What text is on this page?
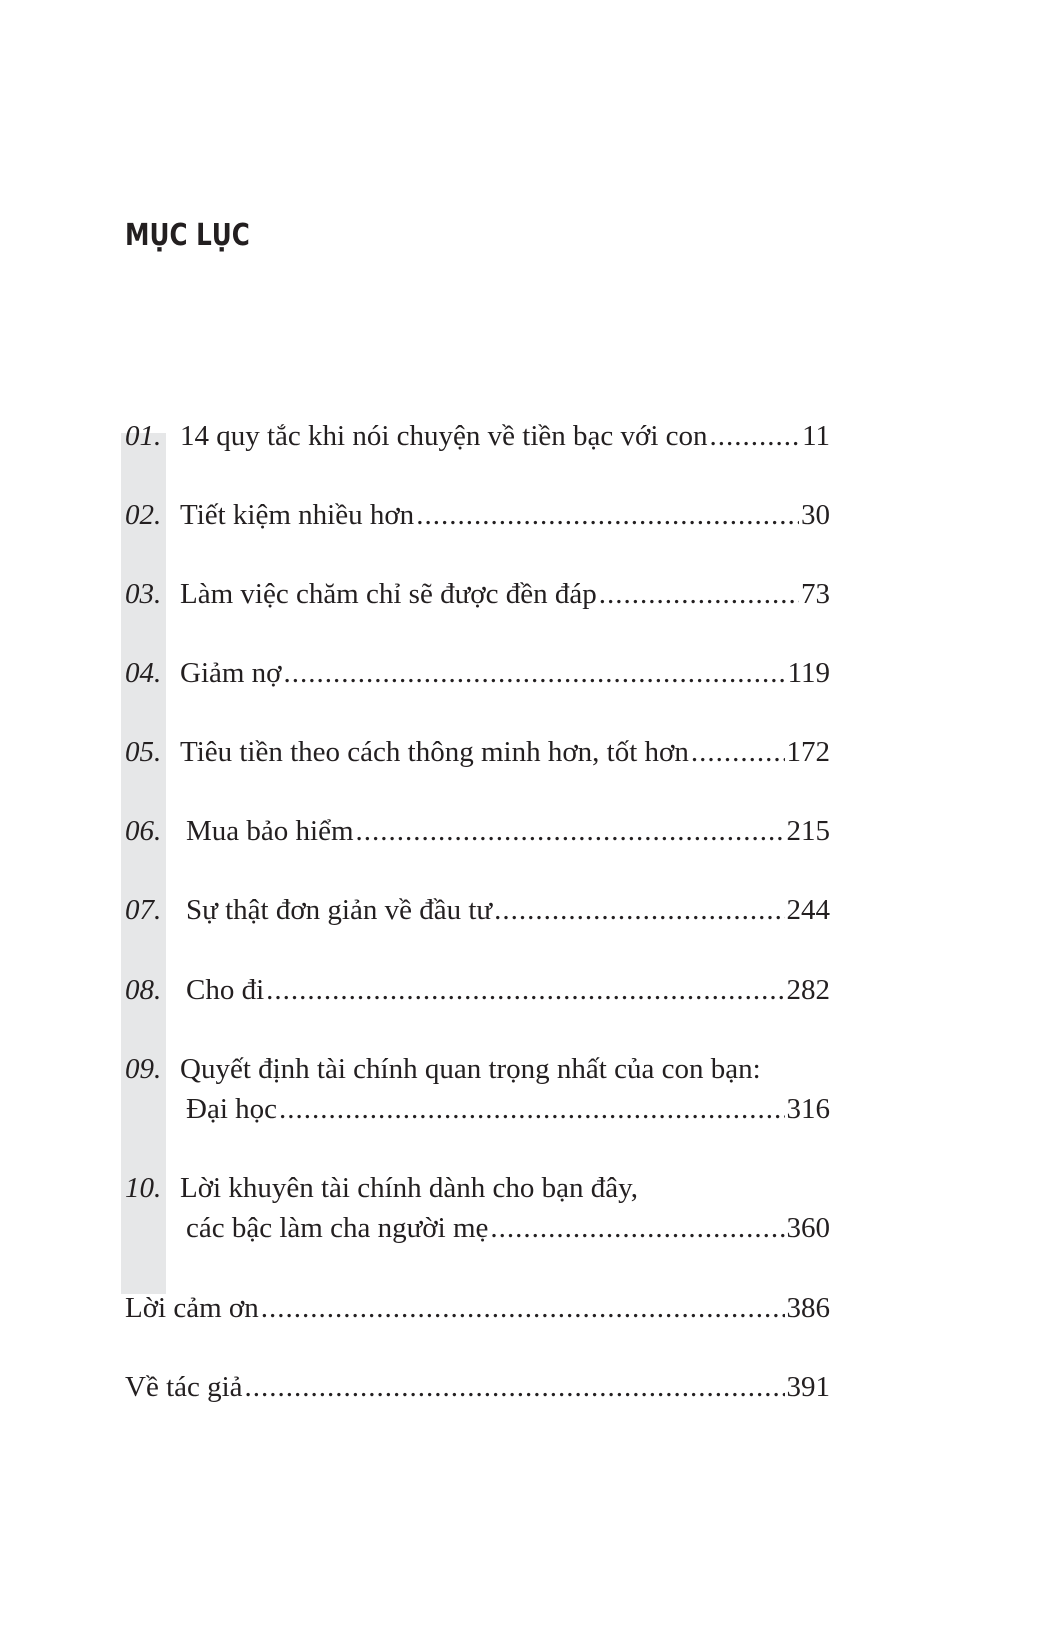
MỤC LỤC
01. 14 quy tắc khi nói chuyện về tiền bạc với con .....	11
02. Tiết kiệm nhiều hơn .....	30
03. Làm việc chăm chỉ sẽ được đền đáp .....	73
04. Giảm nợ .....	119
05. Tiêu tiền theo cách thông minh hơn, tốt hơn .....	172
06. Mua bảo hiểm .....	215
07. Sự thật đơn giản về đầu tư .....	244
08. Cho đi .....	282
09. Quyết định tài chính quan trọng nhất của con bạn:
Đại học .....	316
10. Lời khuyên tài chính dành cho bạn đây,
các bậc làm cha người mẹ .....	360
Lời cảm ơn .....	386
Về tác giả .....	391
